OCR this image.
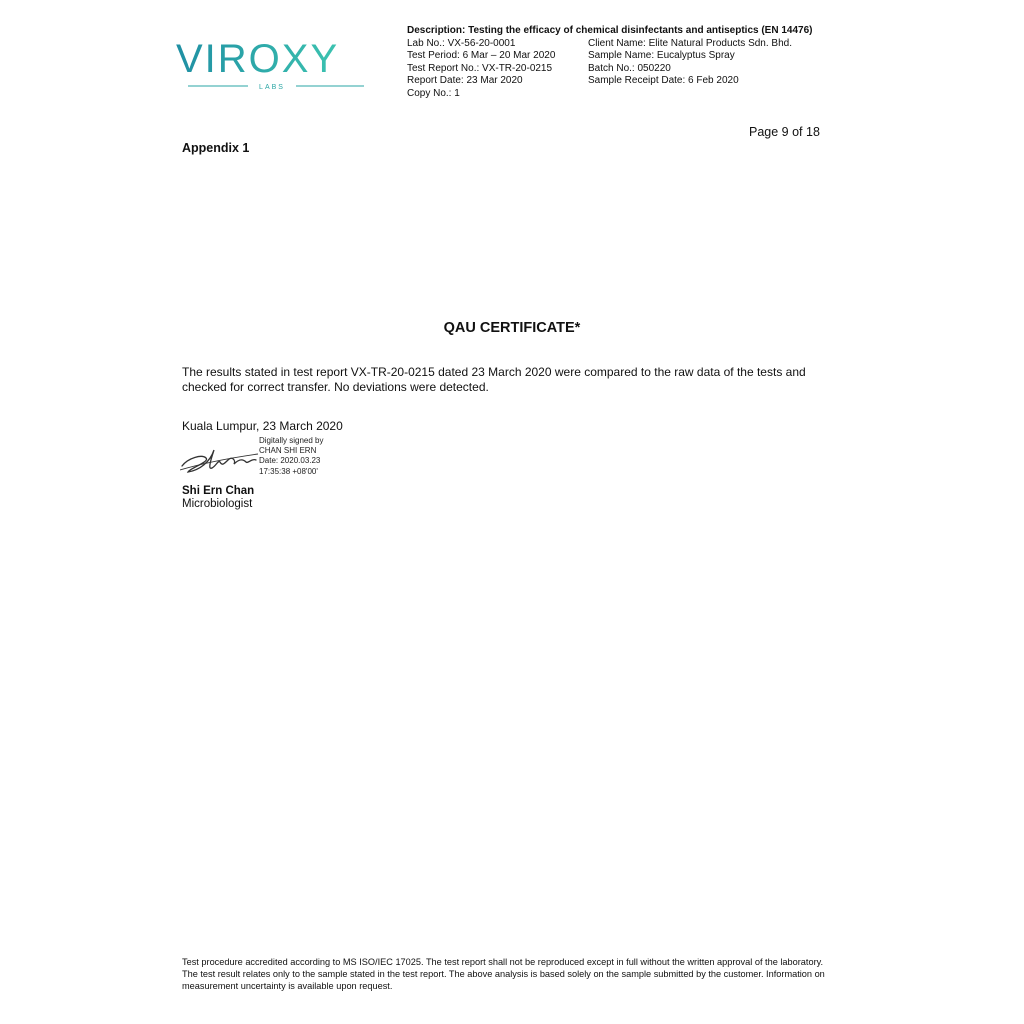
VIROXY
LABS
Description: Testing the efficacy of chemical disinfectants and antiseptics (EN 14476)
Lab No.: VX-56-20-0001
Test Period: 6 Mar – 20 Mar 2020
Test Report No.: VX-TR-20-0215
Report Date: 23 Mar 2020
Copy No.: 1
Client Name: Elite Natural Products Sdn. Bhd.
Sample Name: Eucalyptus Spray
Batch No.: 050220
Sample Receipt Date: 6 Feb 2020
Page 9 of 18
Appendix 1
QAU CERTIFICATE*
The results stated in test report VX-TR-20-0215 dated 23 March 2020 were compared to the raw data of the tests and checked for correct transfer. No deviations were detected.
Kuala Lumpur, 23 March 2020
Digitally signed by
CHAN SHI ERN
Date: 2020.03.23
17:35:38 +08'00'
Shi Ern Chan
Microbiologist
Test procedure accredited according to MS ISO/IEC 17025. The test report shall not be reproduced except in full without the written approval of the laboratory. The test result relates only to the sample stated in the test report. The above analysis is based solely on the sample submitted by the customer. Information on measurement uncertainty is available upon request.
